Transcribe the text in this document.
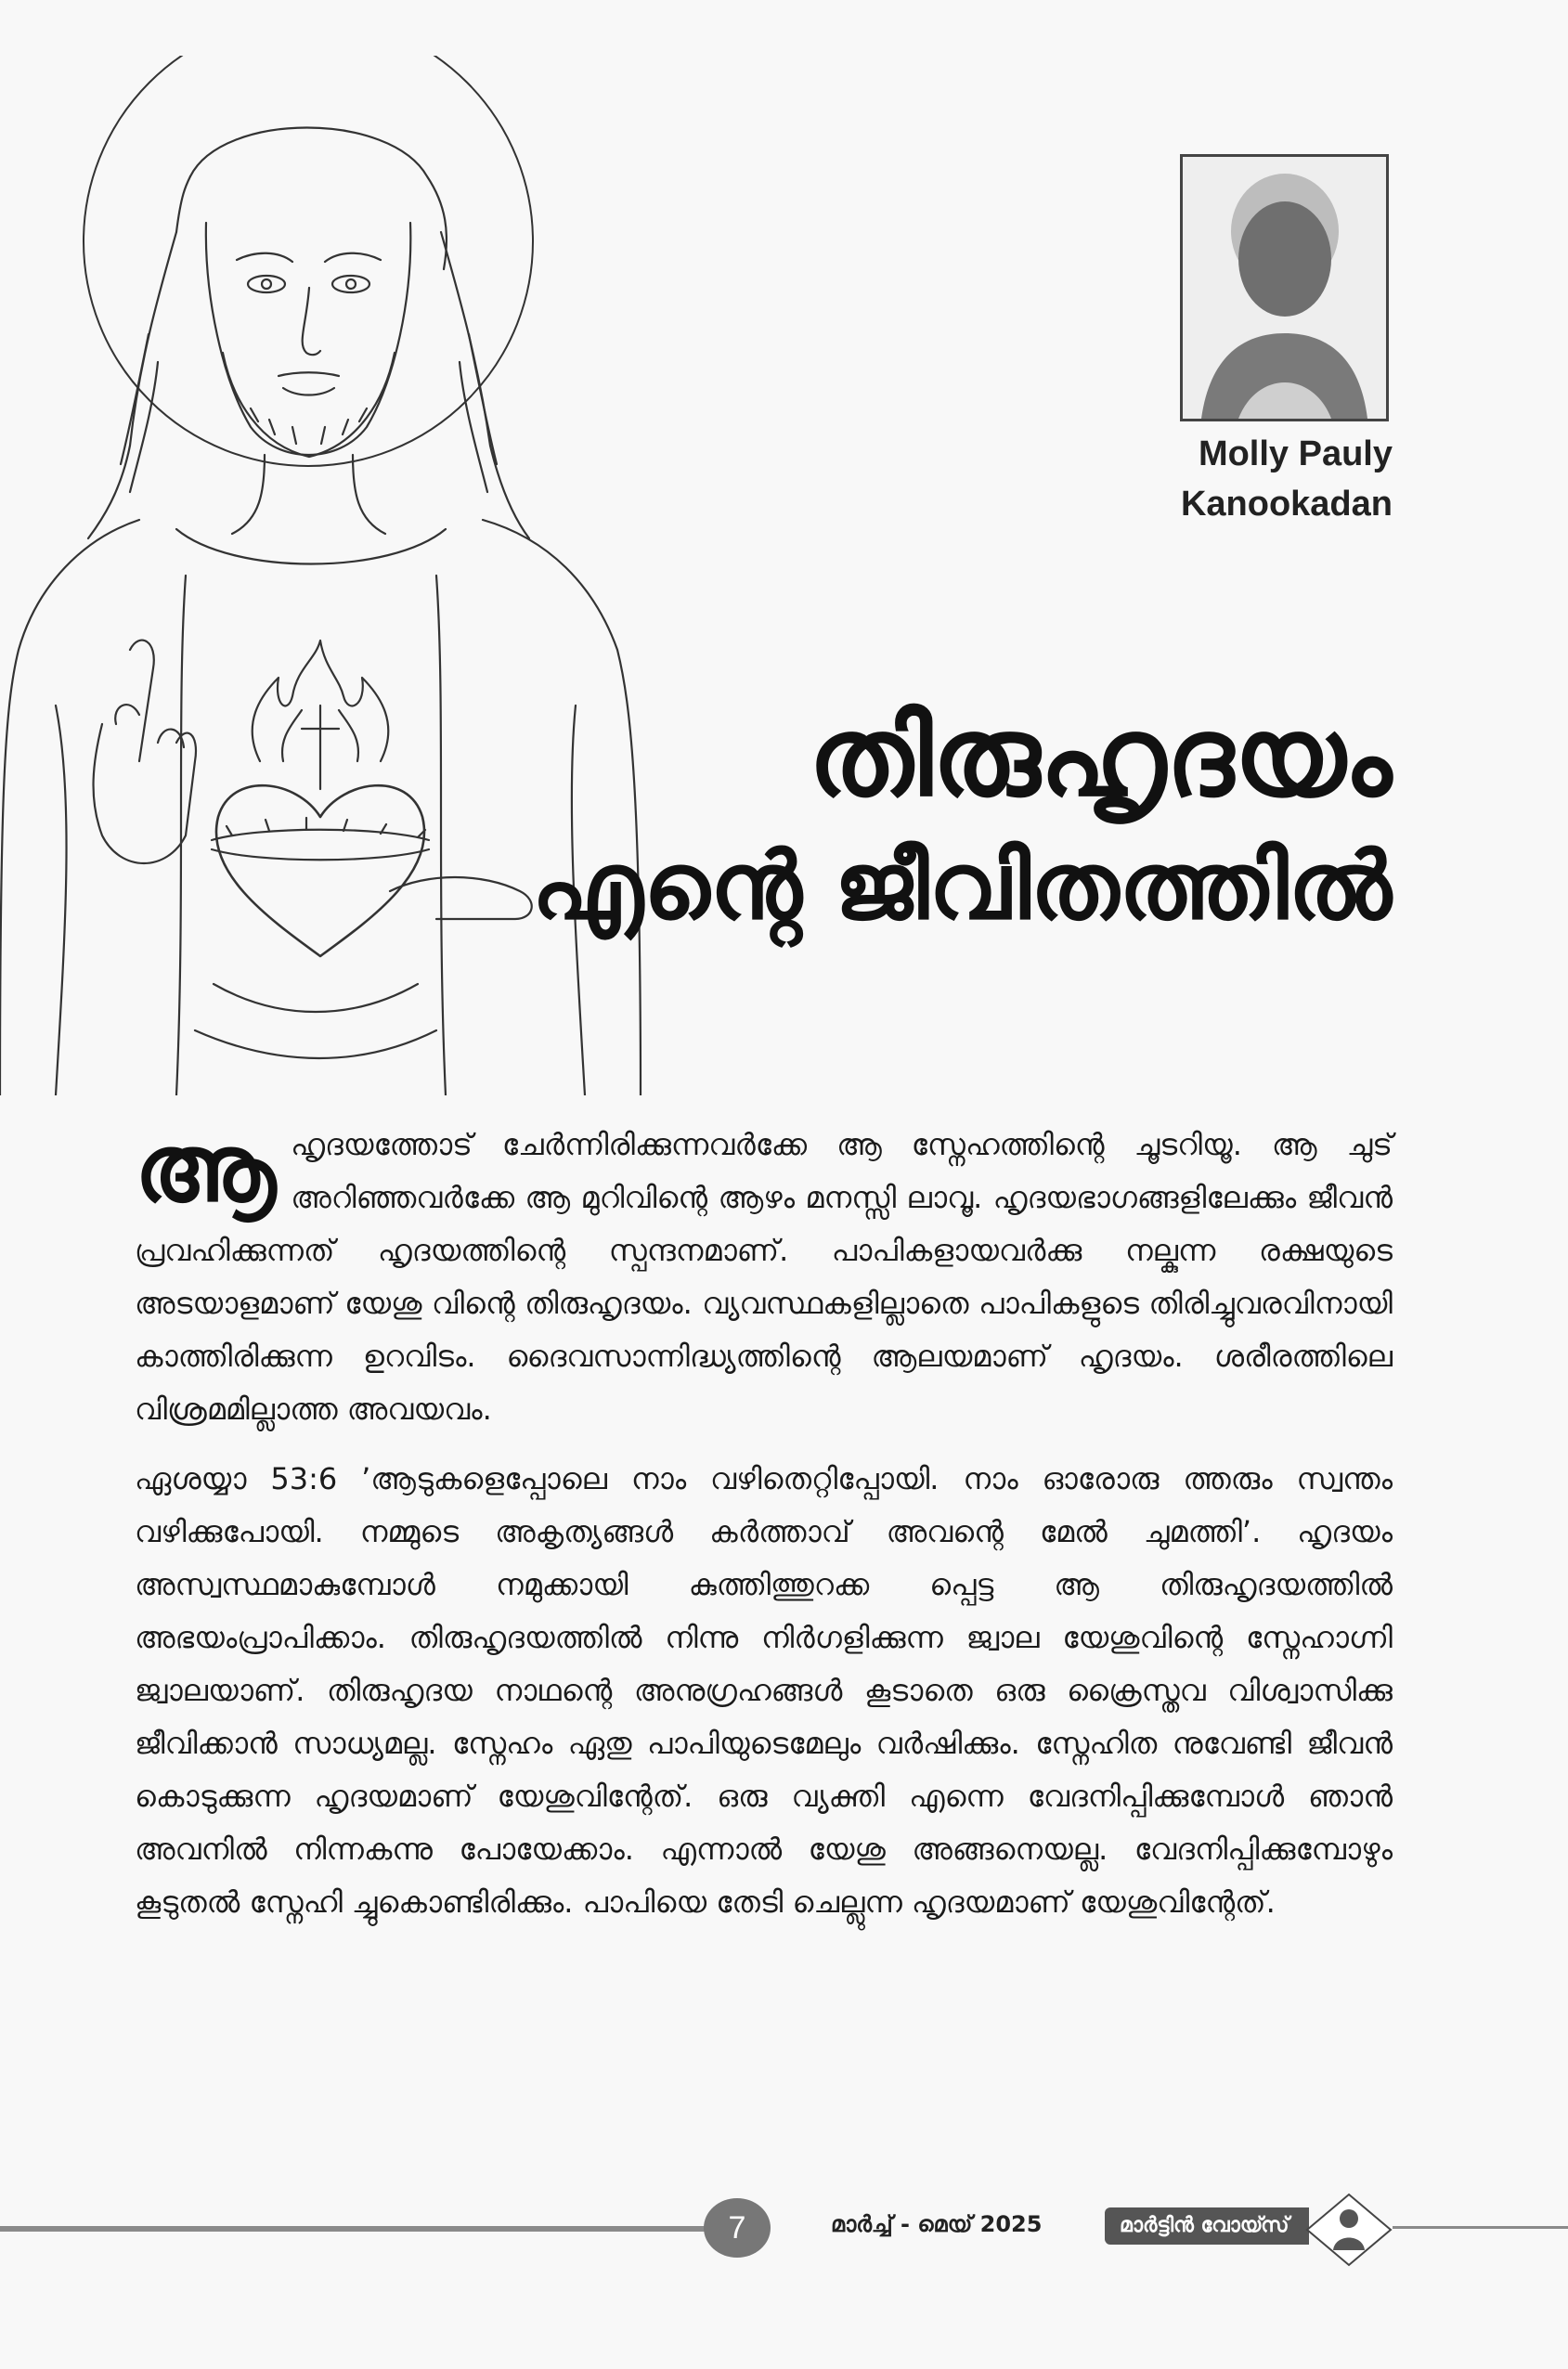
Molly Pauly
Kanookadan
തിരുഹൃദയം
എന്റെ ജീവിതത്തിൽ

ആ ഹൃദയത്തോട് ചേർന്നിരിക്കുന്നവർക്കേ ആ സ്നേഹത്തിന്റെ ചൂടറിയൂ. ആ ചുട് അറിഞ്ഞവർക്കേ ആ മുറിവിന്റെ ആഴം മനസ്സി ലാവൂ. ഹൃദയഭാഗങ്ങളിലേക്കും ജീവൻ പ്രവഹിക്കുന്നത് ഹൃദയത്തിന്റെ സ്പന്ദനമാണ്. പാപികളായവർക്കു നല്കുന്ന രക്ഷയുടെ അടയാളമാണ് യേശു വിന്റെ തിരുഹൃദയം. വ്യവസ്ഥകളില്ലാതെ പാപികളുടെ തിരിച്ചുവരവിനായി കാത്തിരിക്കുന്ന ഉറവിടം. ദൈവസാന്നിദ്ധ്യത്തിന്റെ ആലയമാണ് ഹൃദയം. ശരീരത്തിലെ വിശ്രമമില്ലാത്ത അവയവം.

ഏശയ്യാ 53:6 ’ആടുകളെപ്പോലെ നാം വഴിതെറ്റിപ്പോയി. നാം ഓരോരു ത്തരും സ്വന്തം വഴിക്കുപോയി. നമ്മുടെ അകൃത്യങ്ങൾ കർത്താവ് അവന്റെ മേൽ ചുമത്തി’. ഹൃദയം അസ്വസ്ഥമാകുമ്പോൾ നമുക്കായി കുത്തിത്തുറക്ക പ്പെട്ട ആ തിരുഹൃദയത്തിൽ അഭയംപ്രാപിക്കാം. തിരുഹൃദയത്തിൽ നിന്നു നിർഗളിക്കുന്ന ജ്വാല യേശുവിന്റെ സ്നേഹാഗ്നി ജ്വാലയാണ്. തിരുഹൃദയ നാഥന്റെ അനുഗ്രഹങ്ങൾ കൂടാതെ ഒരു ക്രൈസ്തവ വിശ്വാസിക്കു ജീവിക്കാൻ സാധ്യമല്ല. സ്നേഹം ഏതു പാപിയുടെമേലും വർഷിക്കും. സ്നേഹിത നുവേണ്ടി ജീവൻ കൊടുക്കുന്ന ഹൃദയമാണ് യേശുവിന്റേത്. ഒരു വ്യക്തി എന്നെ വേദനിപ്പിക്കുമ്പോൾ ഞാൻ അവനിൽ നിന്നകന്നു പോയേക്കാം. എന്നാൽ യേശു അങ്ങനെയല്ല. വേദനിപ്പിക്കുമ്പോഴും കൂടുതൽ സ്നേഹി ച്ചുകൊണ്ടിരിക്കും. പാപിയെ തേടി ചെല്ലുന്ന ഹൃദയമാണ് യേശുവിന്റേത്.

7	മാർച്ച് - മെയ് 2025	മാർട്ടിൻ വോയ്സ്
